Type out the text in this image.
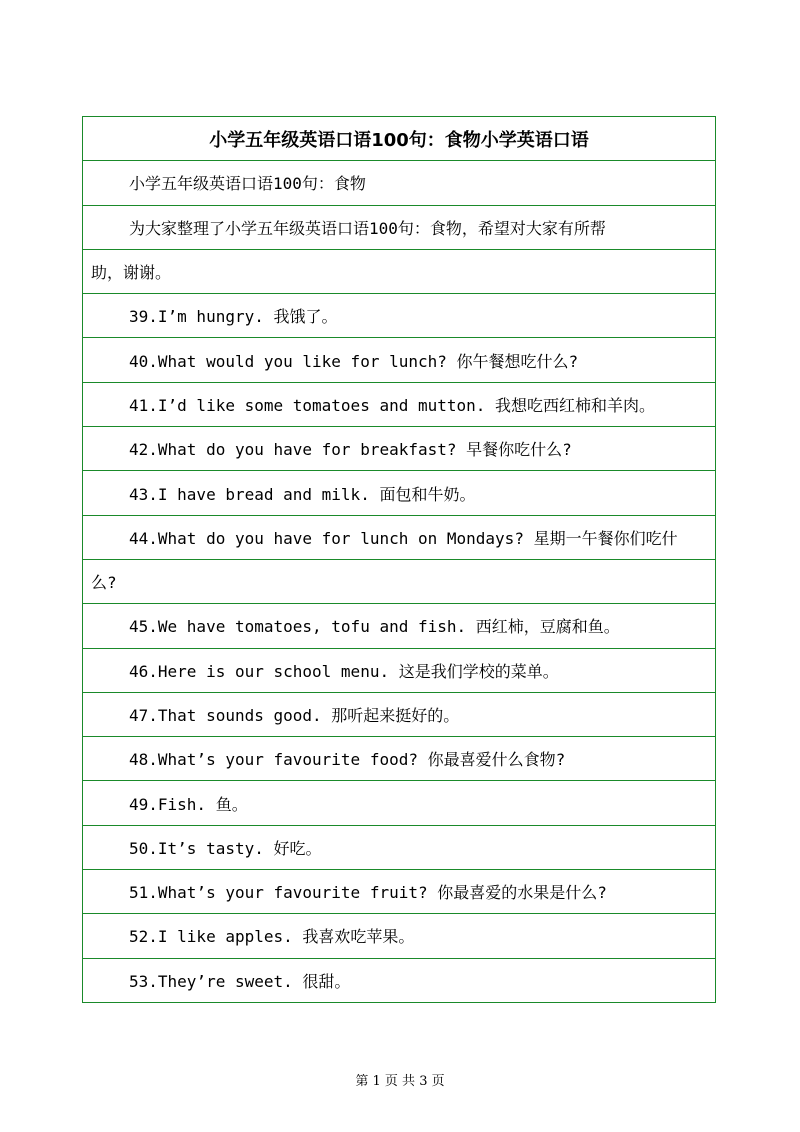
小学五年级英语口语100句：食物小学英语口语
小学五年级英语口语100句：食物
为大家整理了小学五年级英语口语100句：食物，希望对大家有所帮
助，谢谢。
39.I’m hungry. 我饿了。
40.What would you like for lunch? 你午餐想吃什么?
41.I’d like some tomatoes and mutton. 我想吃西红柿和羊肉。
42.What do you have for breakfast? 早餐你吃什么?
43.I have bread and milk. 面包和牛奶。
44.What do you have for lunch on Mondays? 星期一午餐你们吃什
么?
45.We have tomatoes, tofu and fish. 西红柿，豆腐和鱼。
46.Here is our school menu. 这是我们学校的菜单。
47.That sounds good. 那听起来挺好的。
48.What’s your favourite food? 你最喜爱什么食物?
49.Fish. 鱼。
50.It’s tasty. 好吃。
51.What’s your favourite fruit? 你最喜爱的水果是什么?
52.I like apples. 我喜欢吃苹果。
53.They’re sweet. 很甜。
第 1 页 共 3 页
